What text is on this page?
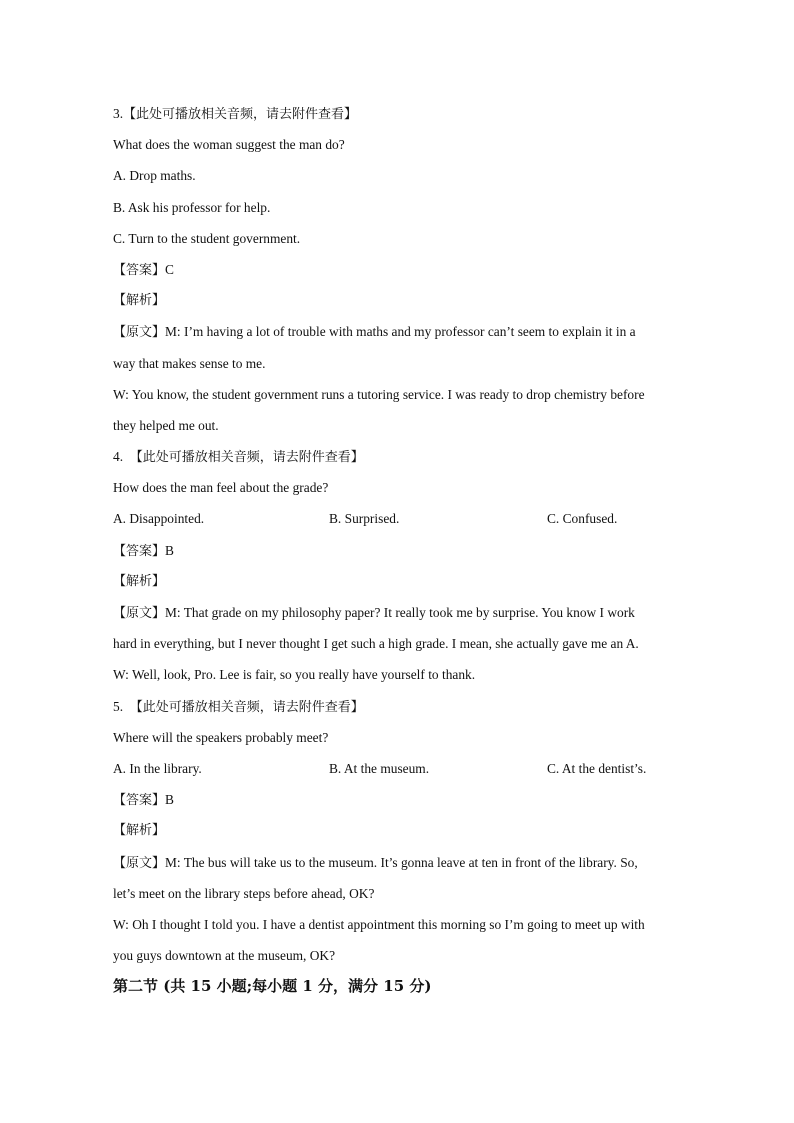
3.【此处可播放相关音频，请去附件查看】
What does the woman suggest the man do?
A. Drop maths.
B. Ask his professor for help.
C. Turn to the student government.
【答案】C
【解析】
【原文】M: I’m having a lot of trouble with maths and my professor can’t seem to explain it in a
way that makes sense to me.
W: You know, the student government runs a tutoring service. I was ready to drop chemistry before
they helped me out.
4. 【此处可播放相关音频，请去附件查看】
How does the man feel about the grade?
A. Disappointed.	B. Surprised.	C. Confused.
【答案】B
【解析】
【原文】M: That grade on my philosophy paper? It really took me by surprise. You know I work
hard in everything, but I never thought I get such a high grade. I mean, she actually gave me an A.
W: Well, look, Pro. Lee is fair, so you really have yourself to thank.
5. 【此处可播放相关音频，请去附件查看】
Where will the speakers probably meet?
A. In the library.	B. At the museum.	C. At the dentist’s.
【答案】B
【解析】
【原文】M: The bus will take us to the museum. It’s gonna leave at ten in front of the library. So,
let’s meet on the library steps before ahead, OK?
W: Oh I thought I told you. I have a dentist appointment this morning so I’m going to meet up with
you guys downtown at the museum, OK?
第二节 (共 15 小题;每小题 1 分，满分 15 分)
